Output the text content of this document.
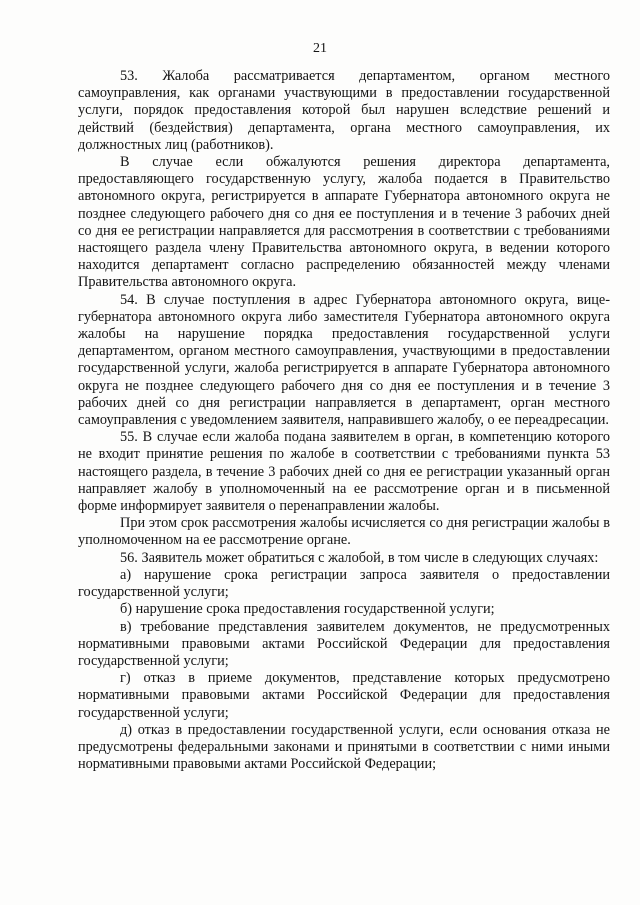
21

53. Жалоба рассматривается департаментом, органом местного самоуправления, как органами участвующими в предоставлении государственной услуги, порядок предоставления которой был нарушен вследствие решений и действий (бездействия) департамента, органа местного самоуправления, их должностных лиц (работников).

В случае если обжалуются решения директора департамента, предоставляющего государственную услугу, жалоба подается в Правительство автономного округа, регистрируется в аппарате Губернатора автономного округа не позднее следующего рабочего дня со дня ее поступления и в течение 3 рабочих дней со дня ее регистрации направляется для рассмотрения в соответствии с требованиями настоящего раздела члену Правительства автономного округа, в ведении которого находится департамент согласно распределению обязанностей между членами Правительства автономного округа.

54. В случае поступления в адрес Губернатора автономного округа, вице-губернатора автономного округа либо заместителя Губернатора автономного округа жалобы на нарушение порядка предоставления государственной услуги департаментом, органом местного самоуправления, участвующими в предоставлении государственной услуги, жалоба регистрируется в аппарате Губернатора автономного округа не позднее следующего рабочего дня со дня ее поступления и в течение 3 рабочих дней со дня регистрации направляется в департамент, орган местного самоуправления с уведомлением заявителя, направившего жалобу, о ее переадресации.

55. В случае если жалоба подана заявителем в орган, в компетенцию которого не входит принятие решения по жалобе в соответствии с требованиями пункта 53 настоящего раздела, в течение 3 рабочих дней со дня ее регистрации указанный орган направляет жалобу в уполномоченный на ее рассмотрение орган и в письменной форме информирует заявителя о перенаправлении жалобы.

При этом срок рассмотрения жалобы исчисляется со дня регистрации жалобы в уполномоченном на ее рассмотрение органе.

56. Заявитель может обратиться с жалобой, в том числе в следующих случаях:

а) нарушение срока регистрации запроса заявителя о предоставлении государственной услуги;

б) нарушение срока предоставления государственной услуги;

в) требование представления заявителем документов, не предусмотренных нормативными правовыми актами Российской Федерации для предоставления государственной услуги;

г) отказ в приеме документов, представление которых предусмотрено нормативными правовыми актами Российской Федерации для предоставления государственной услуги;

д) отказ в предоставлении государственной услуги, если основания отказа не предусмотрены федеральными законами и принятыми в соответствии с ними иными нормативными правовыми актами Российской Федерации;
